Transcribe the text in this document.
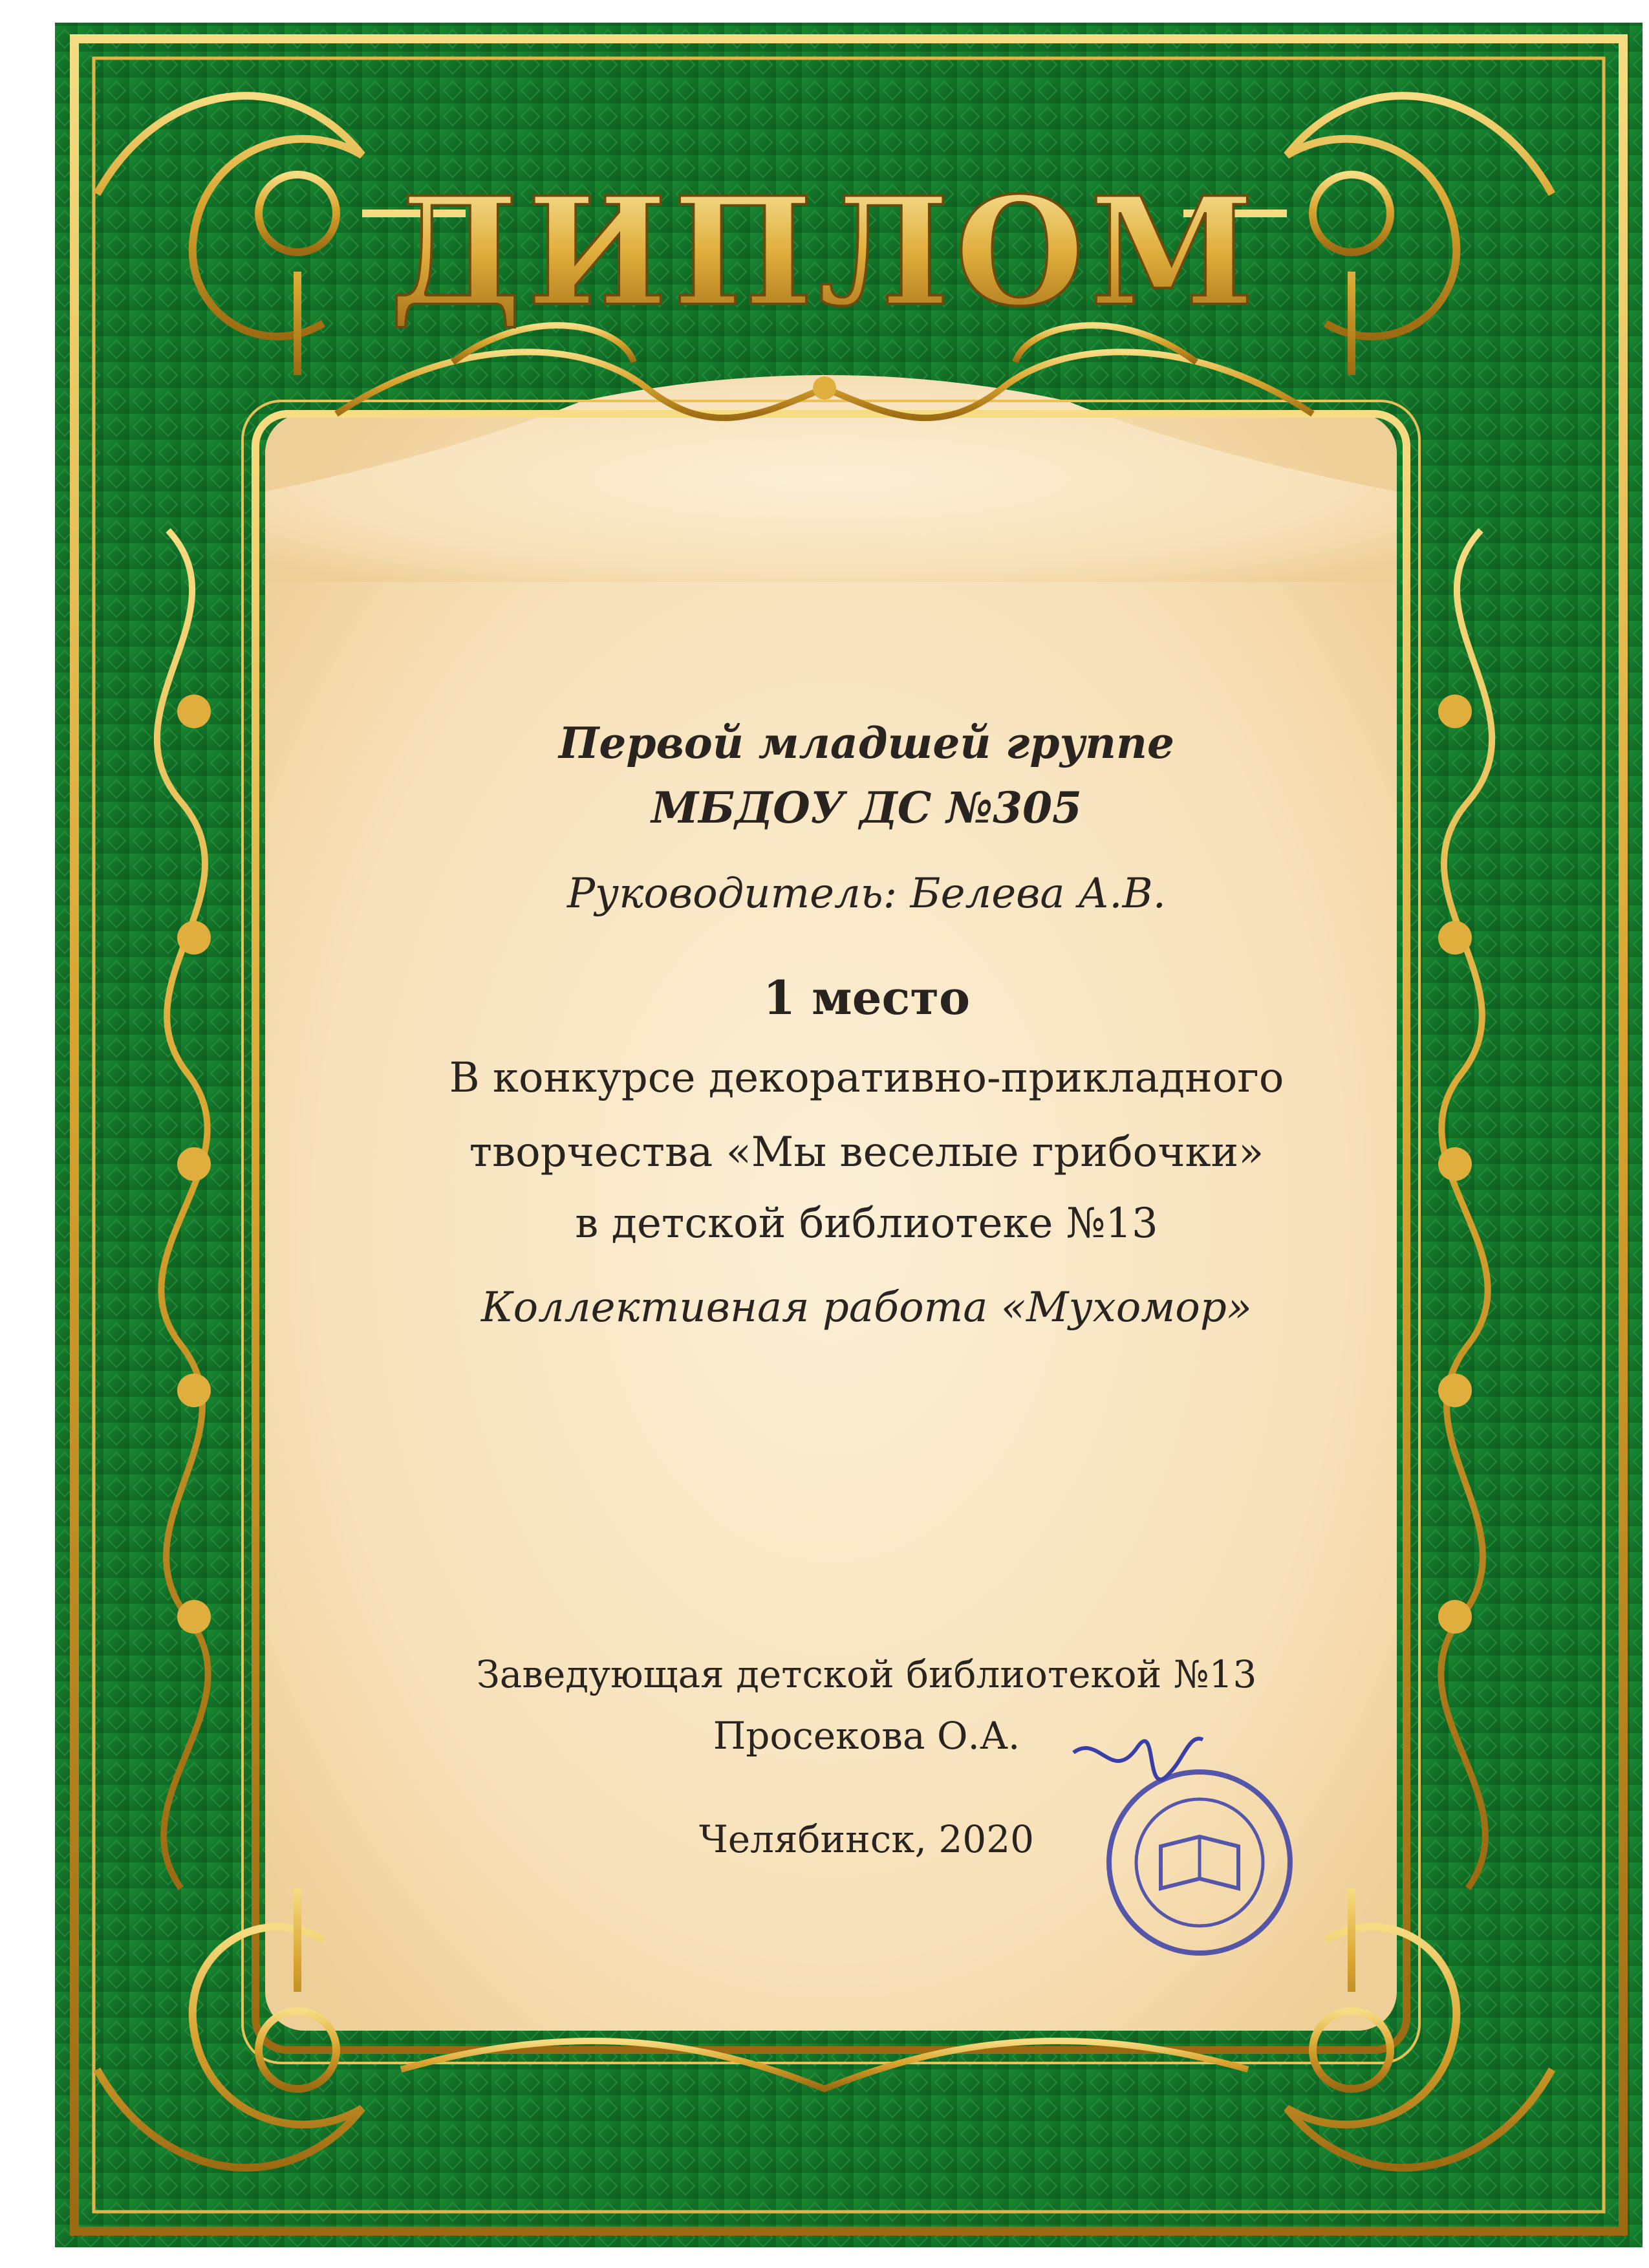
ДИПЛОМ
Первой младшей группе
МБДОУ ДС №305
Руководитель: Белева А.В.
1 место
В конкурсе декоративно-прикладного
творчества «Мы веселые грибочки»
в детской библиотеке №13
Коллективная работа «Мухомор»
Заведующая детской библиотекой №13
Просекова О.А.
Челябинск, 2020
